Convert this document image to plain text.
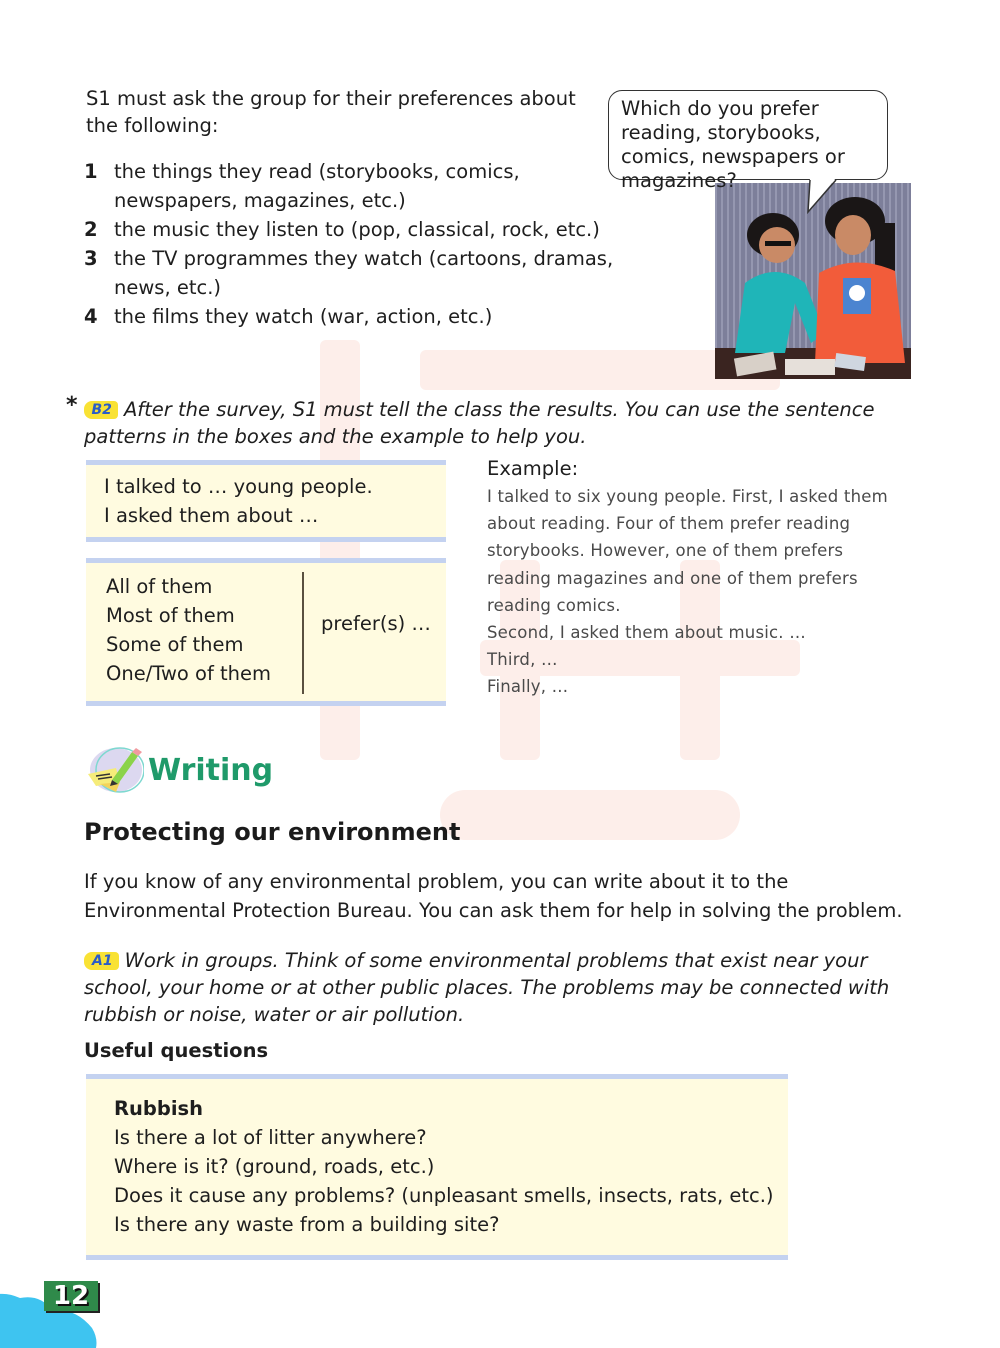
S1 must ask the group for their preferences about the following:
1 the things they read (storybooks, comics, newspapers, magazines, etc.)
2 the music they listen to (pop, classical, rock, etc.)
3 the TV programmes they watch (cartoons, dramas, news, etc.)
4 the films they watch (war, action, etc.)
Which do you prefer reading, storybooks, comics, newspapers or magazines?
* B2 After the survey, S1 must tell the class the results. You can use the sentence
patterns in the boxes and the example to help you.
I talked to … young people.
I asked them about …
All of them
Most of them
Some of them
One/Two of them
prefer(s) …
Example:
I talked to six young people. First, I asked them
about reading. Four of them prefer reading
storybooks. However, one of them prefers
reading magazines and one of them prefers
reading comics.
Second, I asked them about music. …
Third, …
Finally, …
Writing
Protecting our environment
If you know of any environmental problem, you can write about it to the
Environmental Protection Bureau. You can ask them for help in solving the problem.
A1 Work in groups. Think of some environmental problems that exist near your
school, your home or at other public places. The problems may be connected with
rubbish or noise, water or air pollution.
Useful questions
Rubbish
Is there a lot of litter anywhere?
Where is it? (ground, roads, etc.)
Does it cause any problems? (unpleasant smells, insects, rats, etc.)
Is there any waste from a building site?
12
